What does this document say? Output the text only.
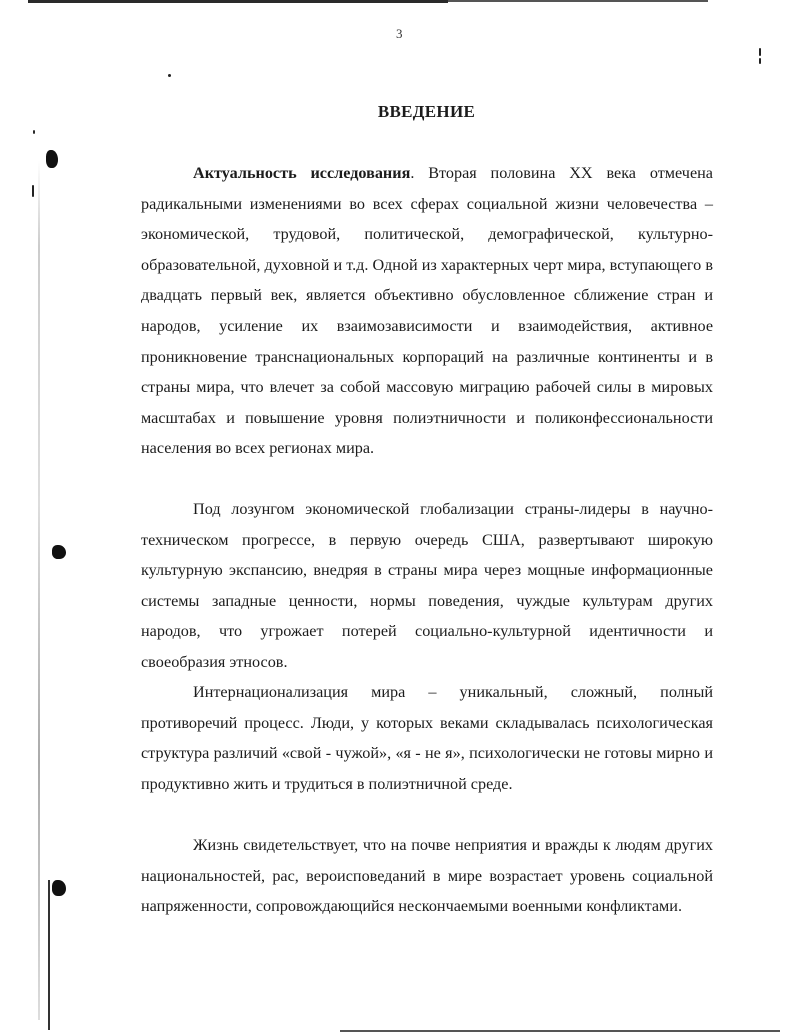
3
ВВЕДЕНИЕ

Актуальность исследования. Вторая половина XX века отмечена радикальными изменениями во всех сферах социальной жизни человечества – экономической, трудовой, политической, демографической, культурно-образовательной, духовной и т.д. Одной из характерных черт мира, вступающего в двадцать первый век, является объективно обусловленное сближение стран и народов, усиление их взаимозависимости и взаимодействия, активное проникновение транснациональных корпораций на различные континенты и в страны мира, что влечет за собой массовую миграцию рабочей силы в мировых масштабах и повышение уровня полиэтничности и поликонфессиональности населения во всех регионах мира.

Под лозунгом экономической глобализации страны-лидеры в научно-техническом прогрессе, в первую очередь США, развертывают широкую культурную экспансию, внедряя в страны мира через мощные информационные системы западные ценности, нормы поведения, чуждые культурам других народов, что угрожает потерей социально-культурной идентичности и своеобразия этносов.

Интернационализация мира – уникальный, сложный, полный противоречий процесс. Люди, у которых веками складывалась психологическая структура различий «свой - чужой», «я - не я», психологически не готовы мирно и продуктивно жить и трудиться в полиэтничной среде.

Жизнь свидетельствует, что на почве неприятия и вражды к людям других национальностей, рас, вероисповеданий в мире возрастает уровень социальной напряженности, сопровождающийся нескончаемыми военными конфликтами.
